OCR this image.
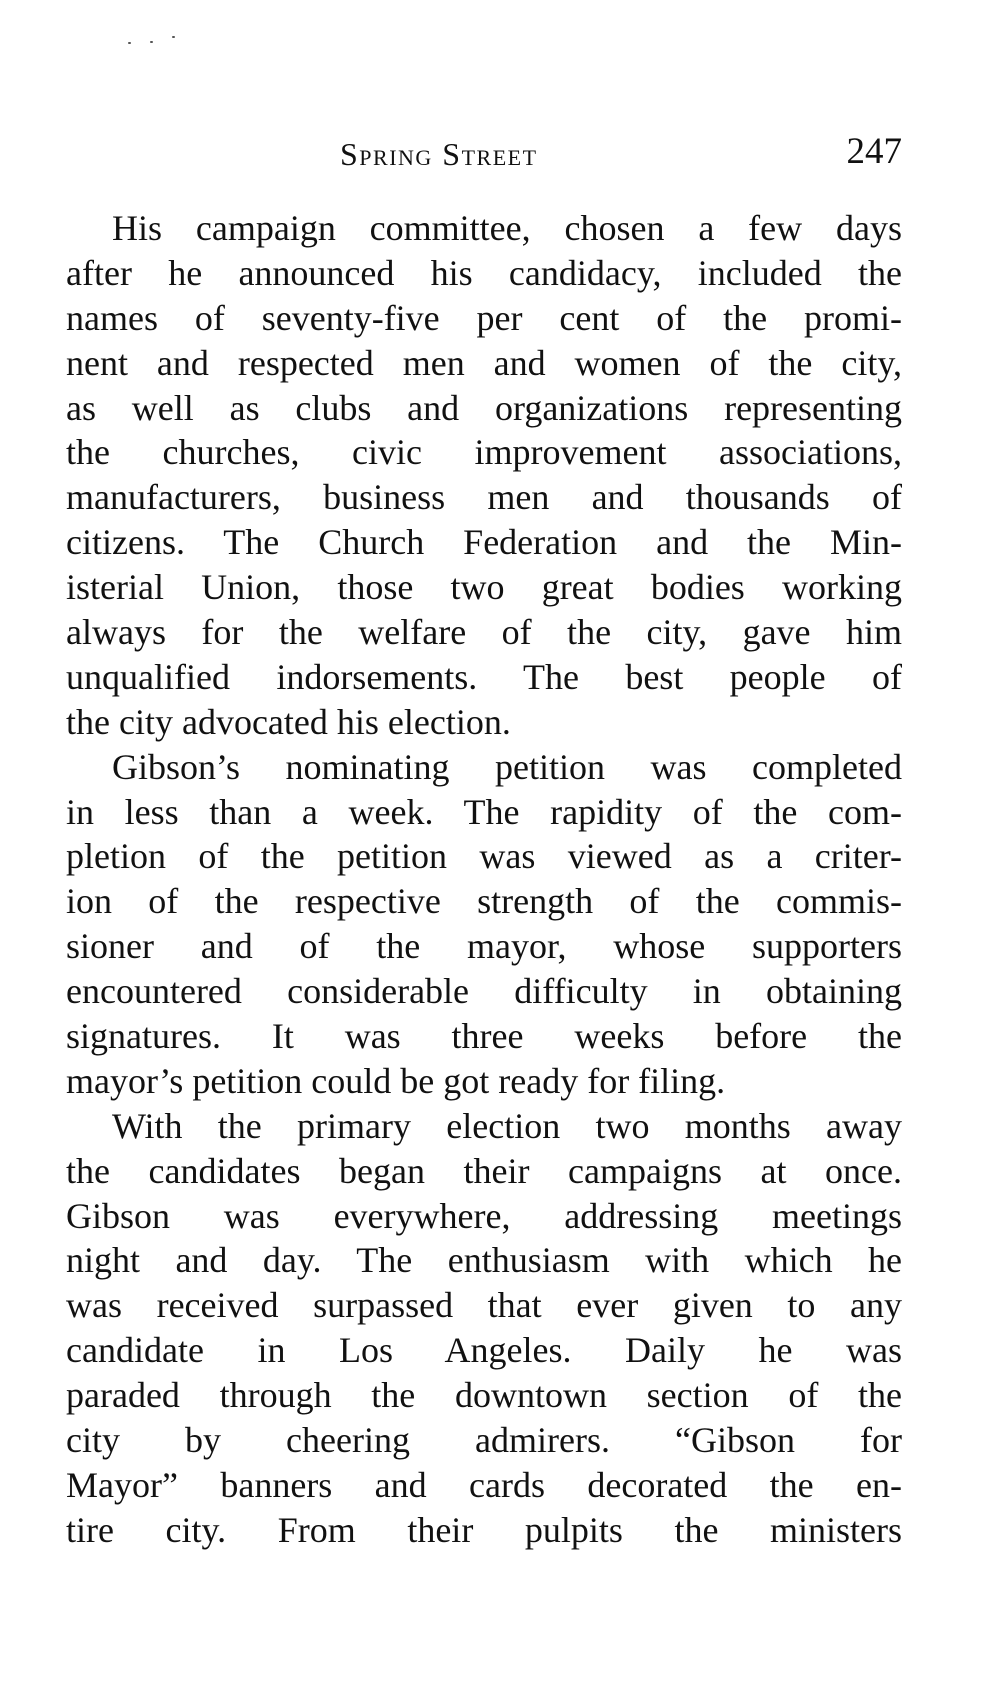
Spring Street	247
His campaign committee, chosen a few days
after he announced his candidacy, included the
names of seventy-five per cent of the promi-
nent and respected men and women of the city,
as well as clubs and organizations representing
the churches, civic improvement associations,
manufacturers, business men and thousands of
citizens. The Church Federation and the Min-
isterial Union, those two great bodies working
always for the welfare of the city, gave him
unqualified indorsements. The best people of
the city advocated his election.
Gibson’s nominating petition was completed
in less than a week. The rapidity of the com-
pletion of the petition was viewed as a criter-
ion of the respective strength of the commis-
sioner and of the mayor, whose supporters
encountered considerable difficulty in obtaining
signatures. It was three weeks before the
mayor’s petition could be got ready for filing.
With the primary election two months away
the candidates began their campaigns at once.
Gibson was everywhere, addressing meetings
night and day. The enthusiasm with which he
was received surpassed that ever given to any
candidate in Los Angeles. Daily he was
paraded through the downtown section of the
city by cheering admirers. “Gibson for
Mayor” banners and cards decorated the en-
tire city. From their pulpits the ministers
